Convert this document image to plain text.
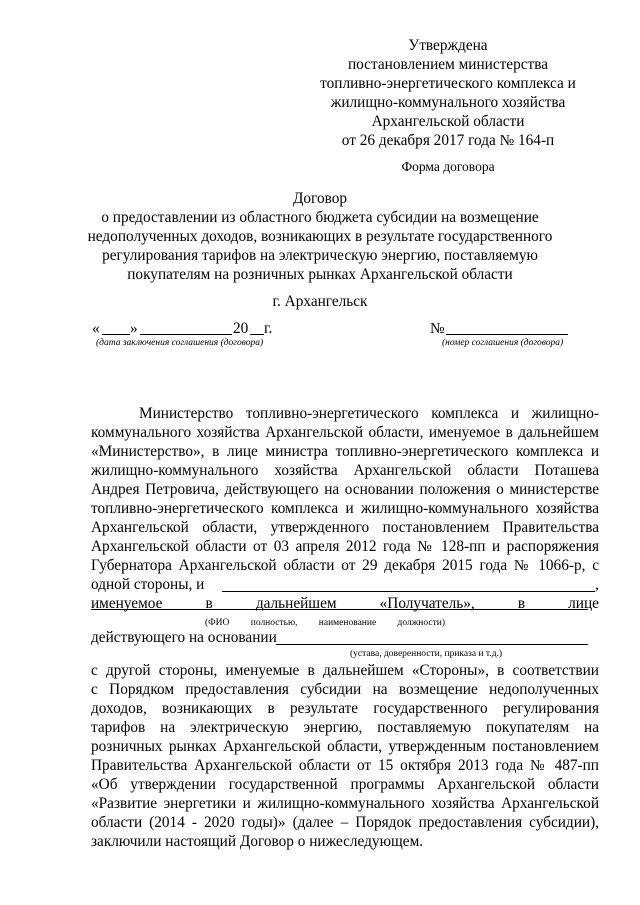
Утверждена
постановлением министерства
топливно-энергетического комплекса и
жилищно-коммунального хозяйства
Архангельской области
от 26 декабря 2017 года № 164-п
Форма договора
Договор
о предоставлении из областного бюджета субсидии на возмещение
недополученных доходов, возникающих в результате государственного
регулирования тарифов на электрическую энергию, поставляемую
покупателям на розничных рынках Архангельской области
г. Архангельск
« »	20 г.
(дата заключения соглашения (договора)
№
(номер соглашения (договора)
Министерство топливно-энергетического комплекса и жилищно-
коммунального хозяйства Архангельской области, именуемое в дальнейшем
«Министерство», в лице министра топливно-энергетического комплекса и
жилищно-коммунального хозяйства Архангельской области Поташева
Андрея Петровича, действующего на основании положения о министерстве
топливно-энергетического комплекса и жилищно-коммунального хозяйства
Архангельской области, утвержденного постановлением Правительства
Архангельской области от 03 апреля 2012 года № 128-пп и распоряжения
Губернатора Архангельской области от 29 декабря 2015 года № 1066-р, с
одной стороны, и	,
именуемое	в	дальнейшем	«Получатель»,	в	лице
(ФИО полностью, наименование должности)
действующего на основании
(устава, доверенности, приказа и т.д.)
с другой стороны, именуемые в дальнейшем «Стороны», в соответствии
с Порядком предоставления субсидии на возмещение недополученных
доходов, возникающих в результате государственного регулирования
тарифов на электрическую энергию, поставляемую покупателям на
розничных рынках Архангельской области, утвержденным постановлением
Правительства Архангельской области от 15 октября 2013 года № 487-пп
«Об утверждении государственной программы Архангельской области
«Развитие энергетики и жилищно-коммунального хозяйства Архангельской
области (2014 - 2020 годы)» (далее – Порядок предоставления субсидии),
заключили настоящий Договор о нижеследующем.
